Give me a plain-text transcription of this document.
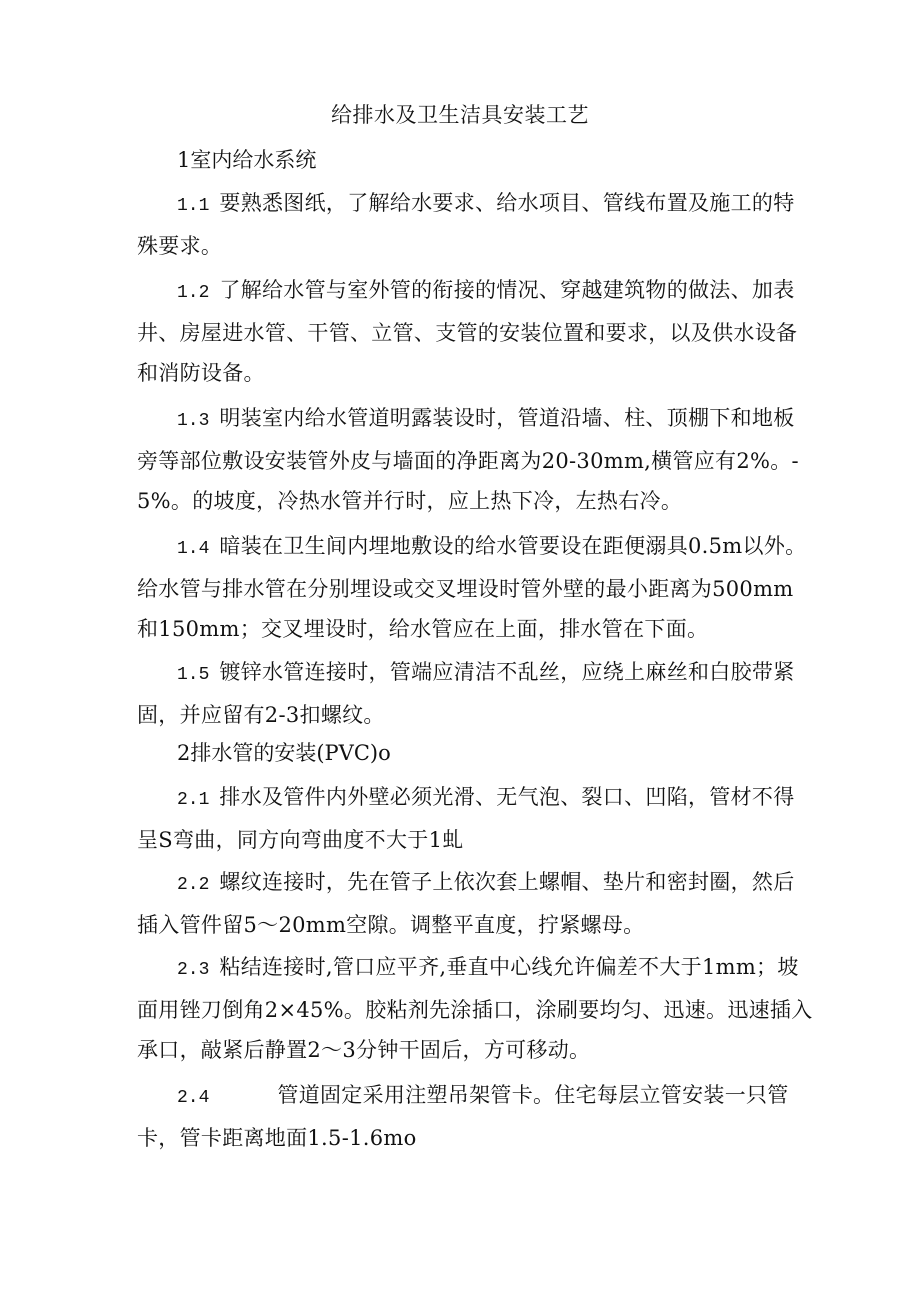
给排水及卫生洁具安装工艺
1室内给水系统

1.1 要熟悉图纸，了解给水要求、给水项目、管线布置及施工的特殊要求。

1.2 了解给水管与室外管的衔接的情况、穿越建筑物的做法、加表井、房屋进水管、干管、立管、支管的安装位置和要求，以及供水设备和消防设备。

1.3 明装室内给水管道明露装设时，管道沿墙、柱、顶棚下和地板旁等部位敷设安装管外皮与墙面的净距离为20-30mm,横管应有2%。-5%。的坡度，冷热水管并行时，应上热下冷，左热右冷。

1.4 暗装在卫生间内埋地敷设的给水管要设在距便溺具0.5m以外。给水管与排水管在分别埋设或交叉埋设时管外壁的最小距离为500mm和150mm；交叉埋设时，给水管应在上面，排水管在下面。

1.5 镀锌水管连接时，管端应清洁不乱丝，应绕上麻丝和白胶带紧固，并应留有2-3扣螺纹。

2排水管的安装(PVC)o

2.1 排水及管件内外壁必须光滑、无气泡、裂口、凹陷，管材不得呈S弯曲，同方向弯曲度不大于1虬

2.2 螺纹连接时，先在管子上依次套上螺帽、垫片和密封圈，然后插入管件留5～20mm空隙。调整平直度，拧紧螺母。

2.3 粘结连接时,管口应平齐,垂直中心线允许偏差不大于1mm；坡面用锉刀倒角2×45%。胶粘剂先涂插口，涂刷要均匀、迅速。迅速插入承口，敲紧后静置2～3分钟干固后，方可移动。

2.4	管道固定采用注塑吊架管卡。住宅每层立管安装一只管卡，管卡距离地面1.5-1.6mo
